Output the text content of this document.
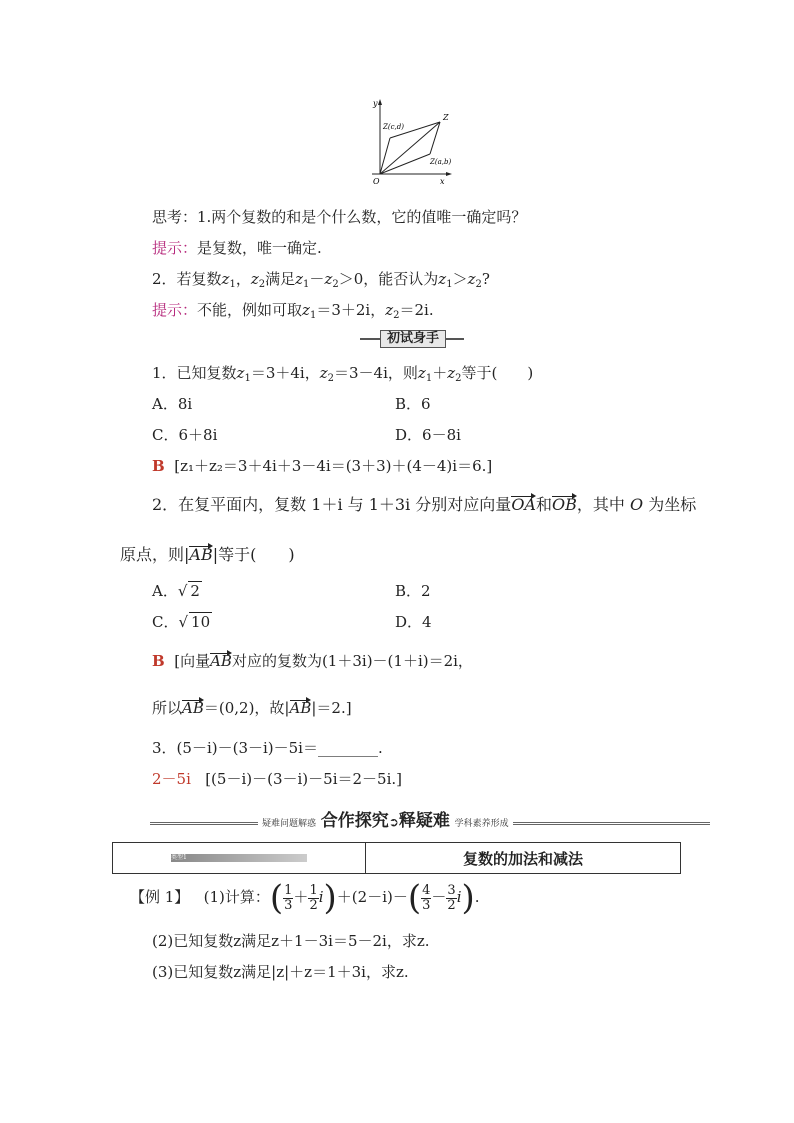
y
x
O
Z
Z(c,d)
Z(a,b)
思考：1.两个复数的和是个什么数，它的值唯一确定吗？
提示：是复数，唯一确定.
2．若复数$z_1$，$z_2$满足$z_1-z_2>0$，能否认为$z_1>z_2$?
提示：不能，例如可取$z_1=3+2i$，$z_2=2i$.
初试身手
1．已知复数$z_1=3+4i$，$z_2=3-4i$，则$z_1+z_2$等于(　　)
A．8i	B．6
C．6＋8i	D．6－8i
B [z₁＋z₂＝3＋4i＋3－4i＝(3＋3)＋(4－4)i＝6.]
2．在复平面内，复数 1＋i 与 1＋3i 分别对应向量OA和OB，其中 O 为坐标
原点，则|AB|等于(　　)
A．√ 2	B．2
C．√ 10	D．4
B [向量AB对应的复数为(1＋3i)－(1＋i)＝2i，
所以AB＝(0,2)，故|AB|＝2.]
3．(5－i)－(3－i)－5i＝________.
2－5i [(5－i)－(3－i)－5i＝2－5i.]
疑难问题解惑 合作探究➲释疑难 学科素养形成
类型1	复数的加法和减法
【例 1】 (1)计算：( $\frac{1}{3} + \frac{1}{2} i)+(2-i)-( \frac{4}{3} - \frac{3}{2} i)$.
(2)已知复数z满足z＋1－3i＝5－2i，求z.
(3)已知复数z满足|z|＋z＝1＋3i，求z.
